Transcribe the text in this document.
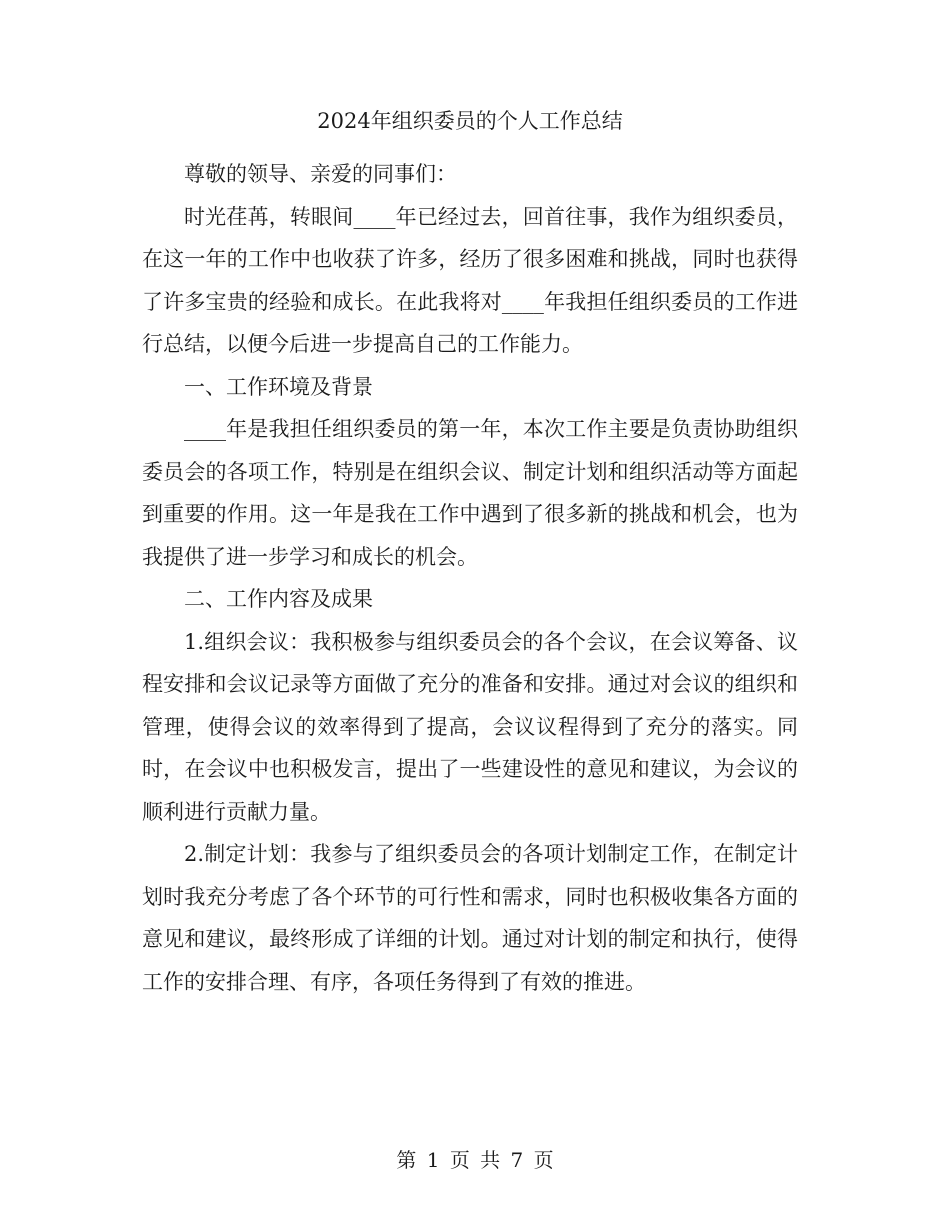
2024年组织委员的个人工作总结

尊敬的领导、亲爱的同事们：

时光荏苒，转眼间____年已经过去，回首往事，我作为组织委员，在这一年的工作中也收获了许多，经历了很多困难和挑战，同时也获得了许多宝贵的经验和成长。在此我将对____年我担任组织委员的工作进行总结，以便今后进一步提高自己的工作能力。

一、工作环境及背景

____年是我担任组织委员的第一年，本次工作主要是负责协助组织委员会的各项工作，特别是在组织会议、制定计划和组织活动等方面起到重要的作用。这一年是我在工作中遇到了很多新的挑战和机会，也为我提供了进一步学习和成长的机会。

二、工作内容及成果

1.组织会议：我积极参与组织委员会的各个会议，在会议筹备、议程安排和会议记录等方面做了充分的准备和安排。通过对会议的组织和管理，使得会议的效率得到了提高，会议议程得到了充分的落实。同时，在会议中也积极发言，提出了一些建设性的意见和建议，为会议的顺利进行贡献力量。

2.制定计划：我参与了组织委员会的各项计划制定工作，在制定计划时我充分考虑了各个环节的可行性和需求，同时也积极收集各方面的意见和建议，最终形成了详细的计划。通过对计划的制定和执行，使得工作的安排合理、有序，各项任务得到了有效的推进。

第 1 页 共 7 页
